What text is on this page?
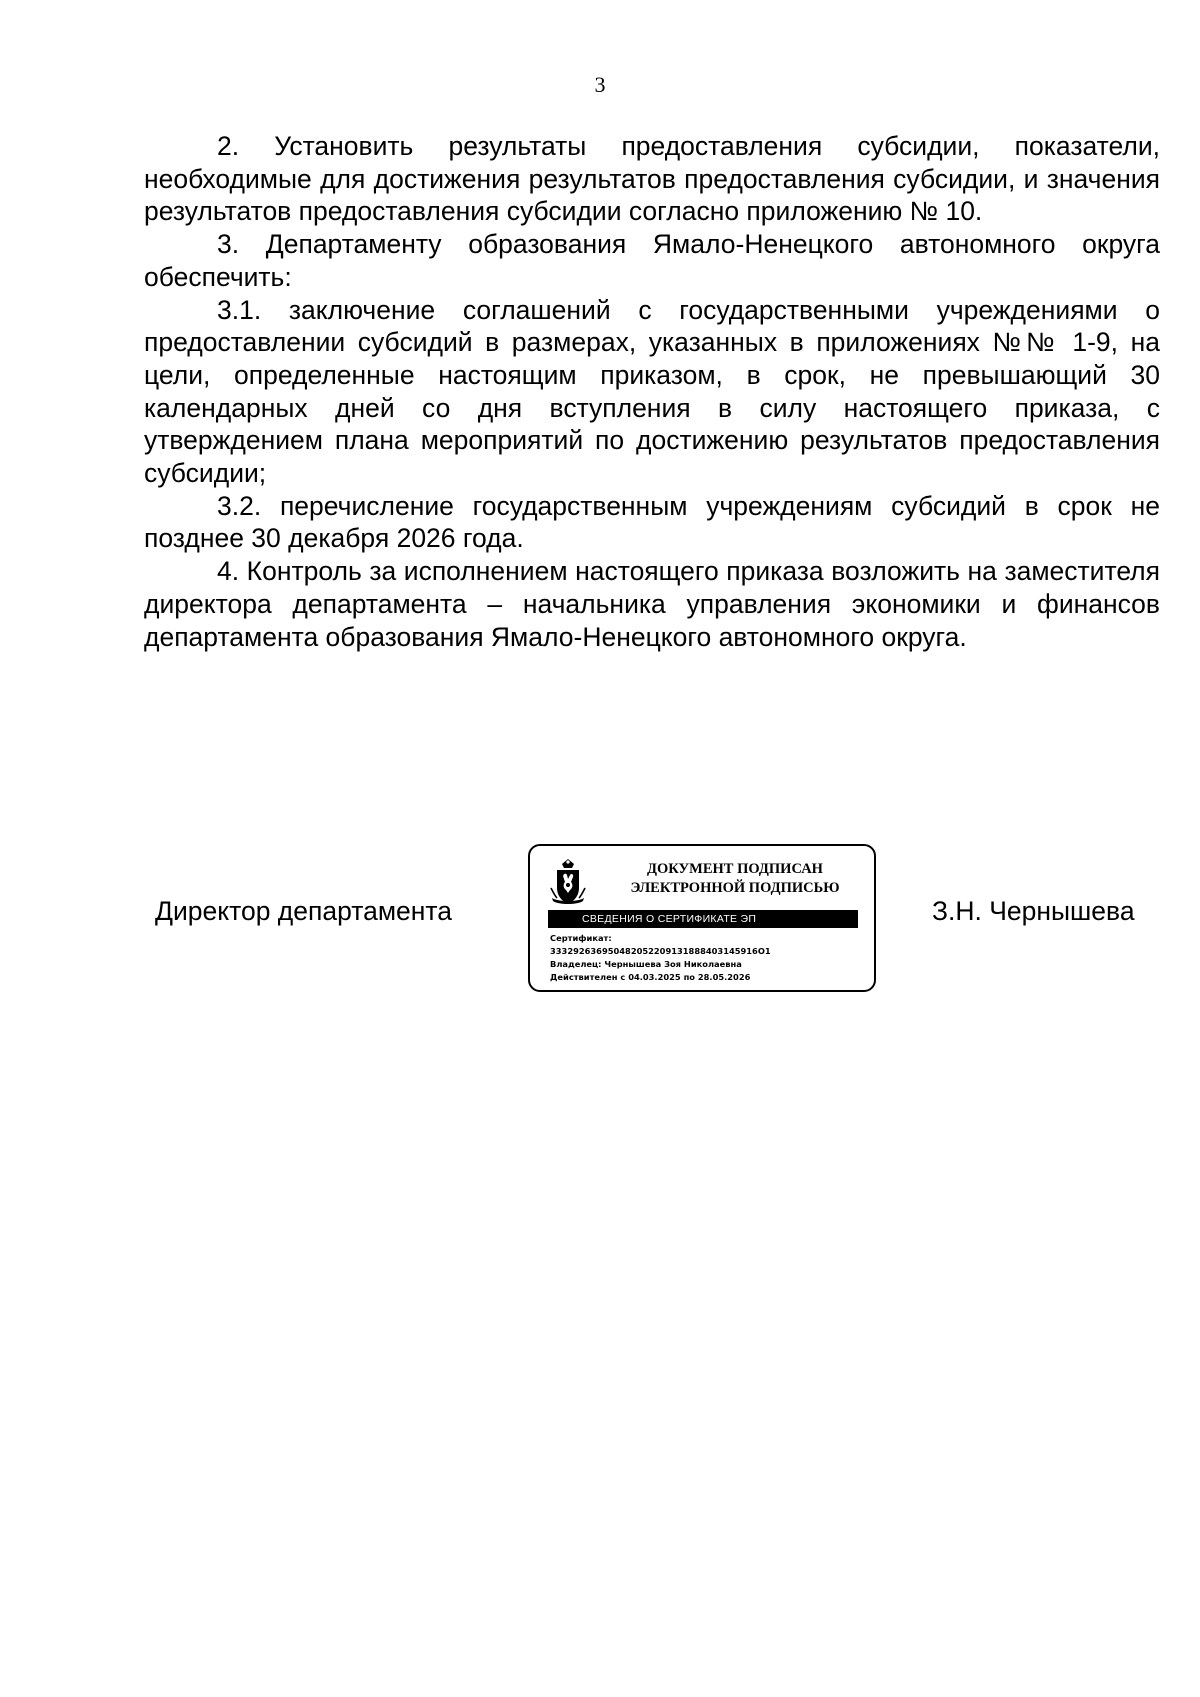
3

2. Установить результаты предоставления субсидии, показатели, необходимые для достижения результатов предоставления субсидии, и значения результатов предоставления субсидии согласно приложению № 10.

3. Департаменту образования Ямало-Ненецкого автономного округа обеспечить:

3.1. заключение соглашений с государственными учреждениями о предоставлении субсидий в размерах, указанных в приложениях №№ 1-9, на цели, определенные настоящим приказом, в срок, не превышающий 30 календарных дней со дня вступления в силу настоящего приказа, с утверждением плана мероприятий по достижению результатов предоставления субсидии;

3.2. перечисление государственным учреждениям субсидий в срок не позднее 30 декабря 2026 года.

4. Контроль за исполнением настоящего приказа возложить на заместителя директора департамента – начальника управления экономики и финансов департамента образования Ямало-Ненецкого автономного округа.

Директор департамента
ДОКУМЕНТ ПОДПИСАН
ЭЛЕКТРОННОЙ ПОДПИСЬЮ
СВЕДЕНИЯ О СЕРТИФИКАТЕ ЭП
Сертификат:
333292636950482052209131888403145916O1
Владелец: Чернышева Зоя Николаевна
Действителен с 04.03.2025 по 28.05.2026
З.Н. Чернышева
